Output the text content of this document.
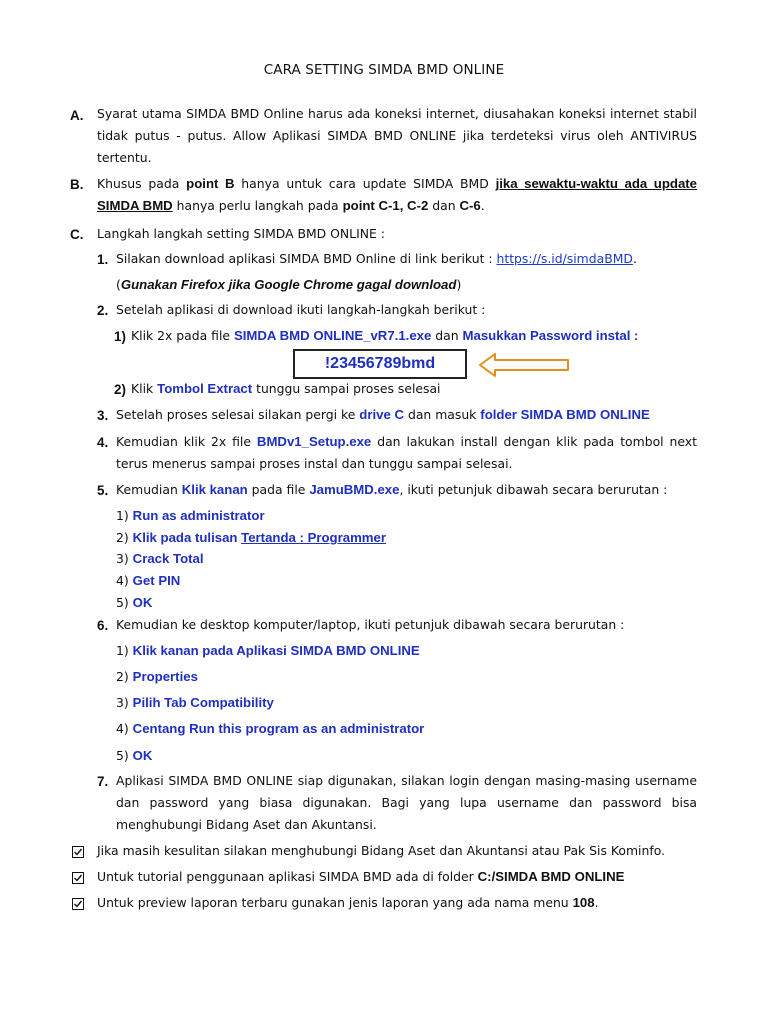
CARA SETTING SIMDA BMD ONLINE
A. Syarat utama SIMDA BMD Online harus ada koneksi internet, diusahakan koneksi internet stabil tidak putus - putus. Allow Aplikasi SIMDA BMD ONLINE jika terdeteksi virus oleh ANTIVIRUS tertentu.
B. Khusus pada point B hanya untuk cara update SIMDA BMD jika sewaktu-waktu ada update SIMDA BMD hanya perlu langkah pada point C-1, C-2 dan C-6.
C. Langkah langkah setting SIMDA BMD ONLINE :
1. Silakan download aplikasi SIMDA BMD Online di link berikut : https://s.id/simdaBMD.
(Gunakan Firefox jika Google Chrome gagal download)
2. Setelah aplikasi di download ikuti langkah-langkah berikut :
1) Klik 2x pada file SIMDA BMD ONLINE_vR7.1.exe dan Masukkan Password instal :
!23456789bmd
2) Klik Tombol Extract tunggu sampai proses selesai
3. Setelah proses selesai silakan pergi ke drive C dan masuk folder SIMDA BMD ONLINE
4. Kemudian klik 2x file BMDv1_Setup.exe dan lakukan install dengan klik pada tombol next terus menerus sampai proses instal dan tunggu sampai selesai.
5. Kemudian Klik kanan pada file JamuBMD.exe, ikuti petunjuk dibawah secara berurutan :
1) Run as administrator
2) Klik pada tulisan Tertanda : Programmer
3) Crack Total
4) Get PIN
5) OK
6. Kemudian ke desktop komputer/laptop, ikuti petunjuk dibawah secara berurutan :
1) Klik kanan pada Aplikasi SIMDA BMD ONLINE
2) Properties
3) Pilih Tab Compatibility
4) Centang Run this program as an administrator
5) OK
7. Aplikasi SIMDA BMD ONLINE siap digunakan, silakan login dengan masing-masing username dan password yang biasa digunakan. Bagi yang lupa username dan password bisa menghubungi Bidang Aset dan Akuntansi.
Jika masih kesulitan silakan menghubungi Bidang Aset dan Akuntansi atau Pak Sis Kominfo.
Untuk tutorial penggunaan aplikasi SIMDA BMD ada di folder C:/SIMDA BMD ONLINE
Untuk preview laporan terbaru gunakan jenis laporan yang ada nama menu 108.
